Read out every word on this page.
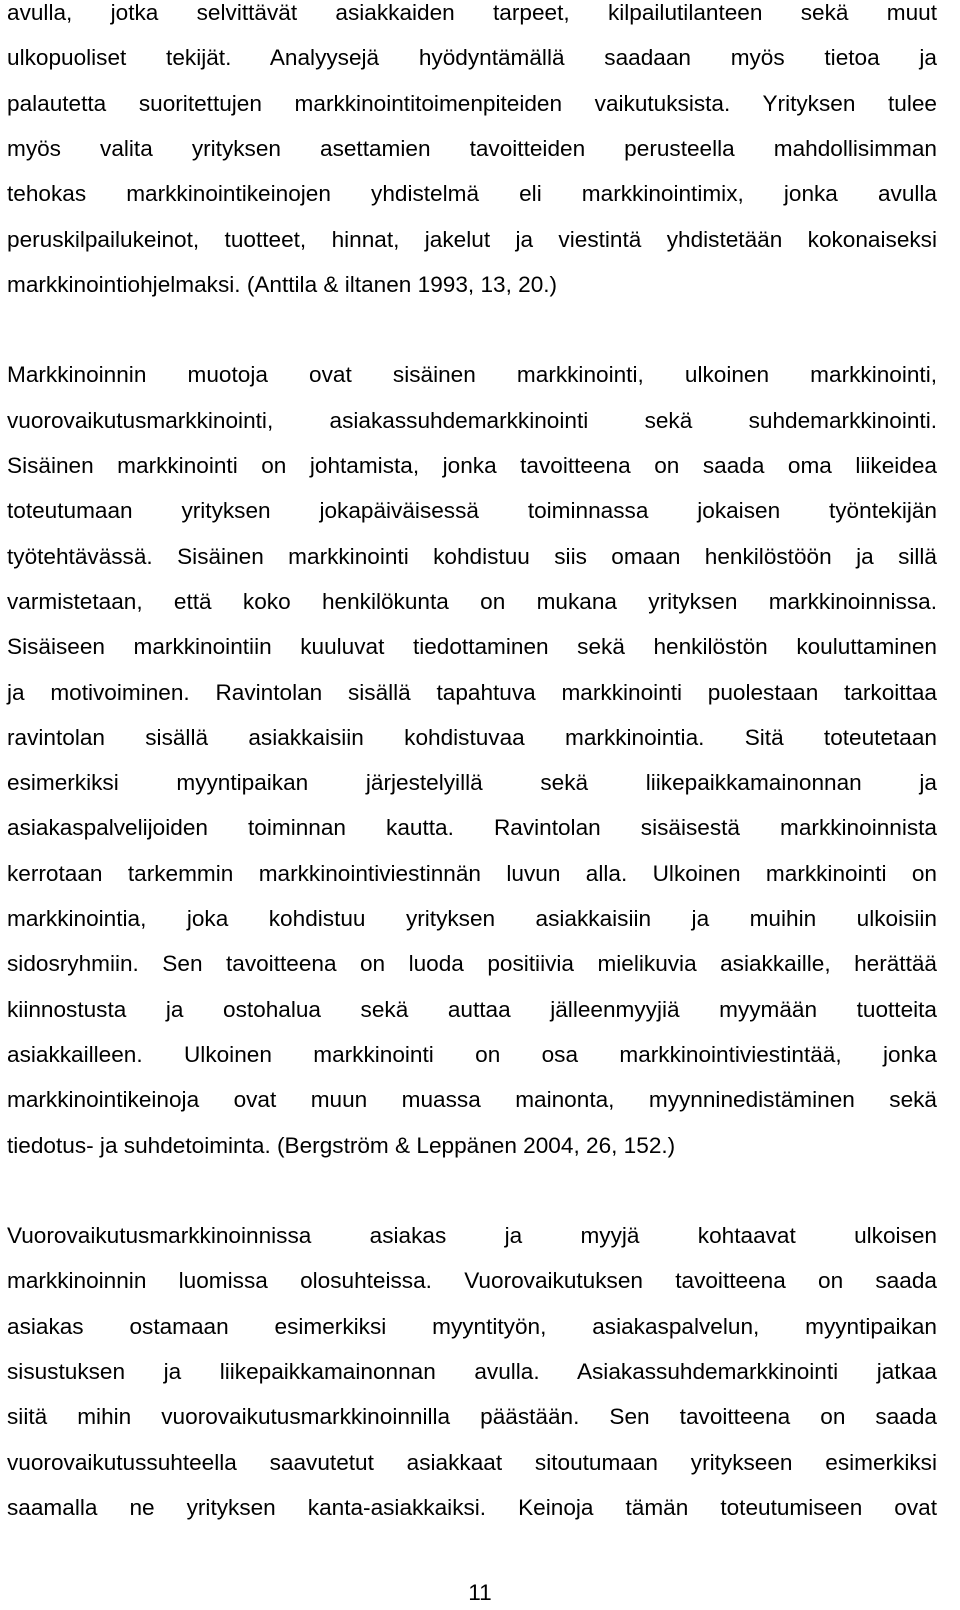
avulla, jotka selvittävät asiakkaiden tarpeet, kilpailutilanteen sekä muut
ulkopuoliset tekijät. Analyysejä hyödyntämällä saadaan myös tietoa ja
palautetta suoritettujen markkinointitoimenpiteiden vaikutuksista. Yrityksen tulee
myös valita yrityksen asettamien tavoitteiden perusteella mahdollisimman
tehokas markkinointikeinojen yhdistelmä eli markkinointimix, jonka avulla
peruskilpailukeinot, tuotteet, hinnat, jakelut ja viestintä yhdistetään kokonaiseksi
markkinointiohjelmaksi. (Anttila & iltanen 1993, 13, 20.)
Markkinoinnin muotoja ovat sisäinen markkinointi, ulkoinen markkinointi,
vuorovaikutusmarkkinointi, asiakassuhdemarkkinointi sekä suhdemarkkinointi.
Sisäinen markkinointi on johtamista, jonka tavoitteena on saada oma liikeidea
toteutumaan yrityksen jokapäiväisessä toiminnassa jokaisen työntekijän
työtehtävässä. Sisäinen markkinointi kohdistuu siis omaan henkilöstöön ja sillä
varmistetaan, että koko henkilökunta on mukana yrityksen markkinoinnissa.
Sisäiseen markkinointiin kuuluvat tiedottaminen sekä henkilöstön kouluttaminen
ja motivoiminen. Ravintolan sisällä tapahtuva markkinointi puolestaan tarkoittaa
ravintolan sisällä asiakkaisiin kohdistuvaa markkinointia. Sitä toteutetaan
esimerkiksi myyntipaikan järjestelyillä sekä liikepaikkamainonnan ja
asiakaspalvelijoiden toiminnan kautta. Ravintolan sisäisestä markkinoinnista
kerrotaan tarkemmin markkinointiviestinnän luvun alla. Ulkoinen markkinointi on
markkinointia, joka kohdistuu yrityksen asiakkaisiin ja muihin ulkoisiin
sidosryhmiin. Sen tavoitteena on luoda positiivia mielikuvia asiakkaille, herättää
kiinnostusta ja ostohalua sekä auttaa jälleenmyyjiä myymään tuotteita
asiakkailleen. Ulkoinen markkinointi on osa markkinointiviestintää, jonka
markkinointikeinoja ovat muun muassa mainonta, myynninedistäminen sekä
tiedotus- ja suhdetoiminta. (Bergström & Leppänen 2004, 26, 152.)
Vuorovaikutusmarkkinoinnissa asiakas ja myyjä kohtaavat ulkoisen
markkinoinnin luomissa olosuhteissa. Vuorovaikutuksen tavoitteena on saada
asiakas ostamaan esimerkiksi myyntityön, asiakaspalvelun, myyntipaikan
sisustuksen ja liikepaikkamainonnan avulla. Asiakassuhdemarkkinointi jatkaa
siitä mihin vuorovaikutusmarkkinoinnilla päästään. Sen tavoitteena on saada
vuorovaikutussuhteella saavutetut asiakkaat sitoutumaan yritykseen esimerkiksi
saamalla ne yrityksen kanta-asiakkaiksi. Keinoja tämän toteutumiseen ovat
11
